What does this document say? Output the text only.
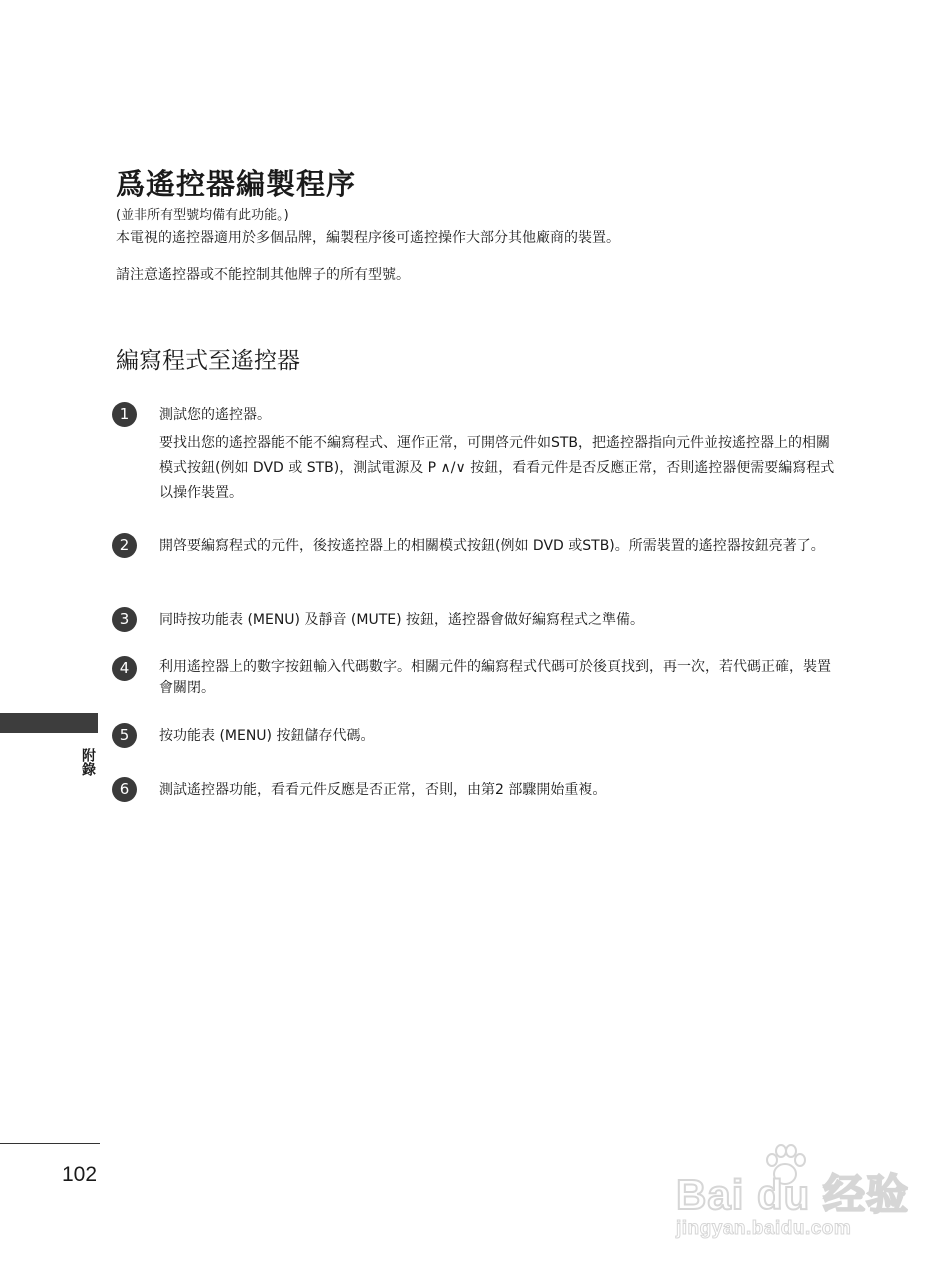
爲遙控器編製程序
(並非所有型號均備有此功能。)
本電視的遙控器適用於多個品牌，編製程序後可遙控操作大部分其他廠商的裝置。
請注意遙控器或不能控制其他牌子的所有型號。
編寫程式至遙控器
1	測試您的遙控器。

要找出您的遙控器能不能不編寫程式、運作正常，可開啓元件如STB，把遙控器指向元件並按遙控器上的相關模式按鈕(例如 DVD 或 STB)，測試電源及 P ∧/∨ 按鈕，看看元件是否反應正常，否則遙控器便需要編寫程式以操作裝置。

2	開啓要編寫程式的元件，後按遙控器上的相關模式按鈕(例如 DVD 或STB)。所需裝置的遙控器按鈕亮著了。

3	同時按功能表 (MENU) 及靜音 (MUTE) 按鈕，遙控器會做好編寫程式之準備。

4	利用遙控器上的數字按鈕輸入代碼數字。相關元件的編寫程式代碼可於後頁找到，再一次，若代碼正確，裝置會關閉。

5	按功能表 (MENU) 按鈕儲存代碼。

6	測試遙控器功能，看看元件反應是否正常，否則，由第2 部驟開始重複。

附錄
102	Bai du 经验
jingyan.baidu.com
